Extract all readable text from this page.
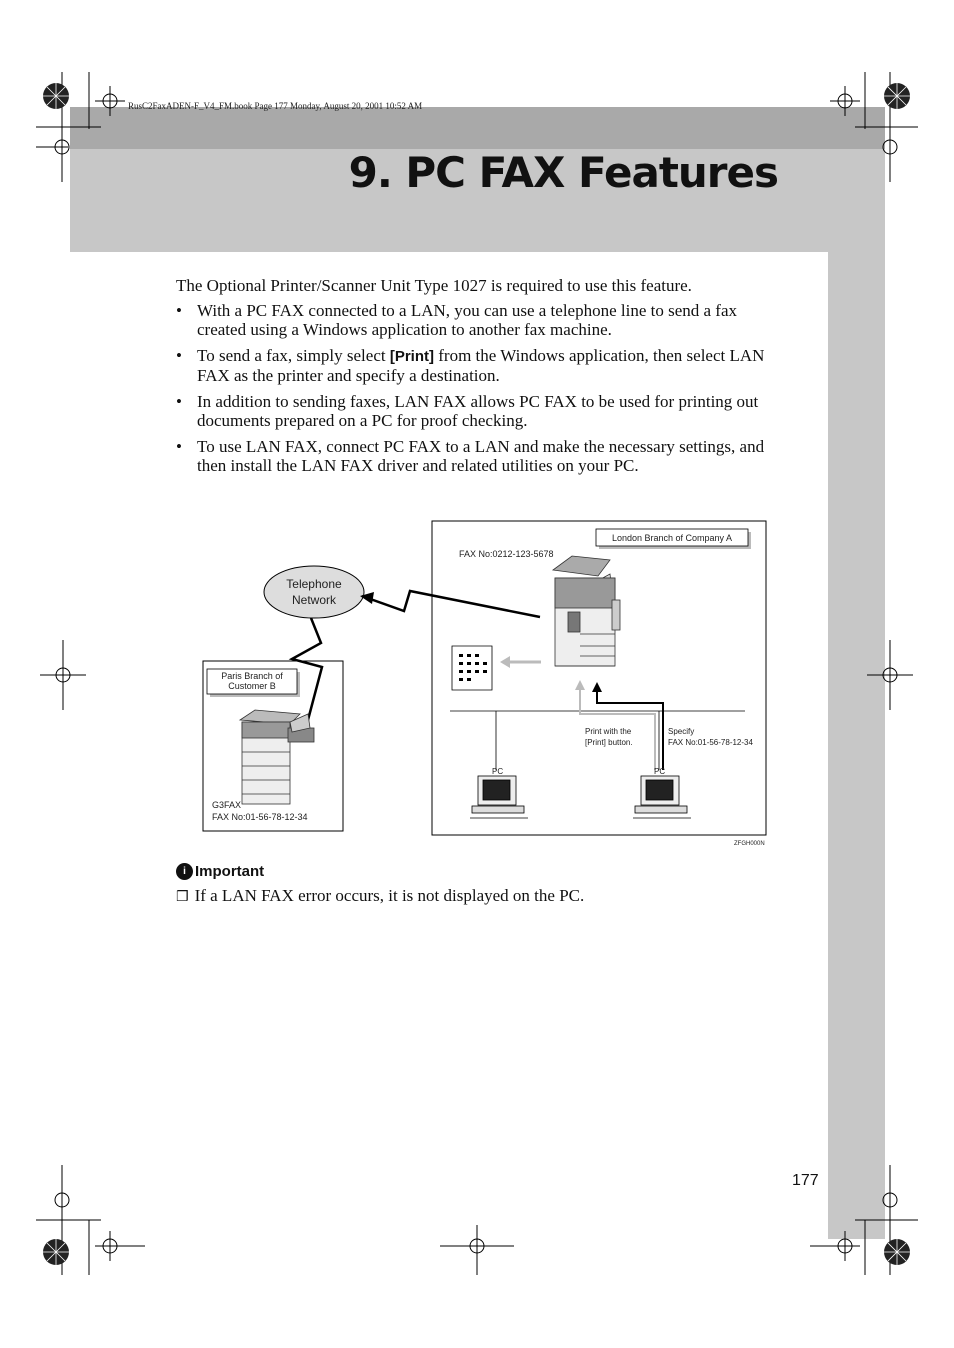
RusC2FaxADEN-F_V4_FM.book Page 177 Monday, August 20, 2001 10:52 AM
9. PC FAX Features
The Optional Printer/Scanner Unit Type 1027 is required to use this feature.
• With a PC FAX connected to a LAN, you can use a telephone line to send a fax created using a Windows application to another fax machine.
• To send a fax, simply select [Print] from the Windows application, then select LAN FAX as the printer and specify a destination.
• In addition to sending faxes, LAN FAX allows PC FAX to be used for printing out documents prepared on a PC for proof checking.
• To use LAN FAX, connect PC FAX to a LAN and make the necessary settings, and then install the LAN FAX driver and related utilities on your PC.
London Branch of Company A
FAX No:0212-123-5678
Telephone
Network
Paris Branch of
Customer B
G3FAX
FAX No:01-56-78-12-34
Print with the
[Print] button.
Specify
FAX No:01-56-78-12-34
PC	PC
ZFGH000N
i Important
❒ If a LAN FAX error occurs, it is not displayed on the PC.
177
